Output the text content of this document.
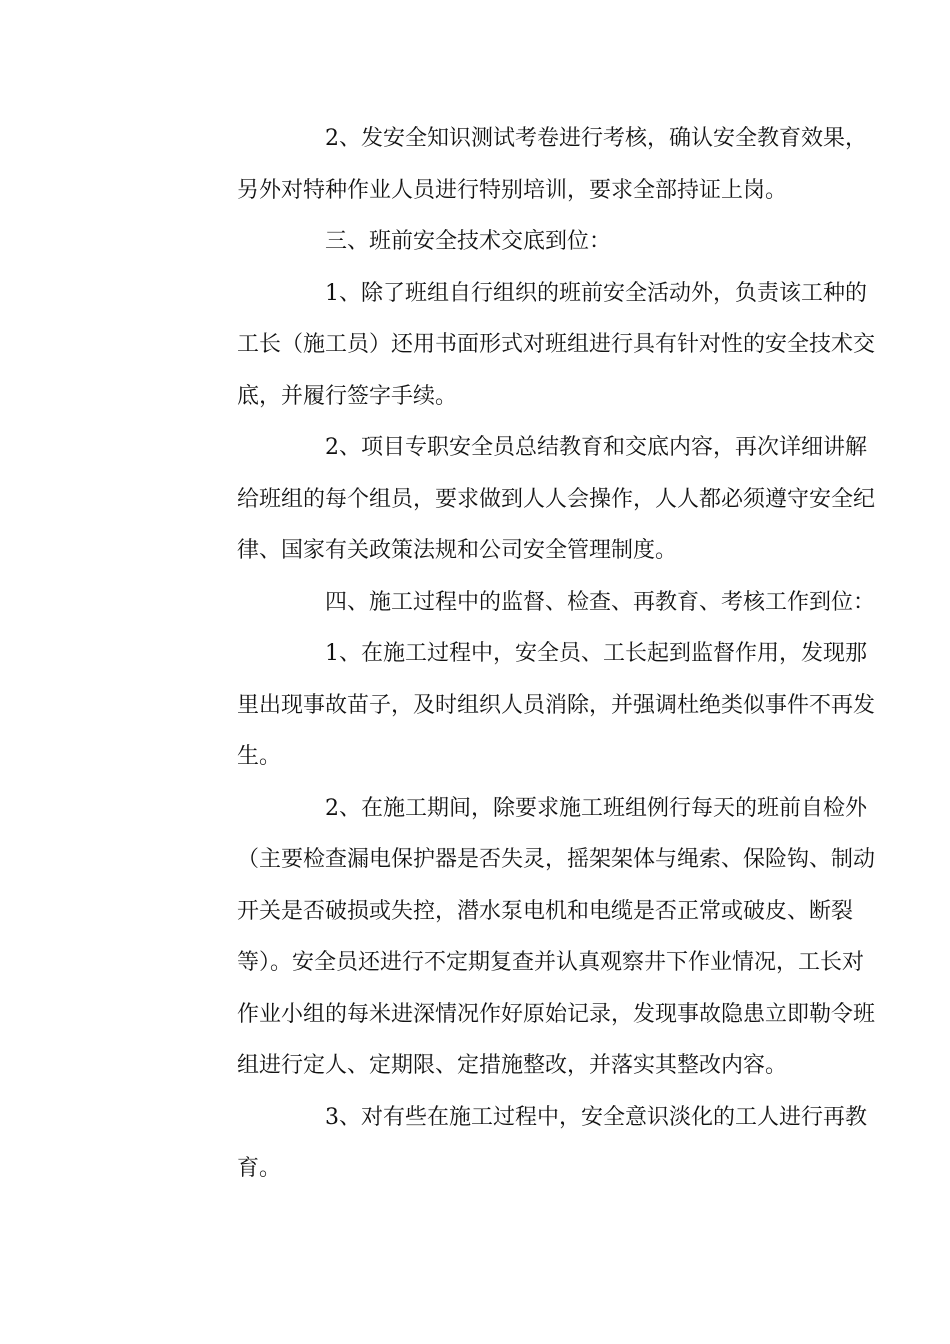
2、发安全知识测试考卷进行考核，确认安全教育效果，
另外对特种作业人员进行特别培训，要求全部持证上岗。
三、班前安全技术交底到位：
1、除了班组自行组织的班前安全活动外，负责该工种的
工长（施工员）还用书面形式对班组进行具有针对性的安全技术交
底，并履行签字手续。
2、项目专职安全员总结教育和交底内容，再次详细讲解
给班组的每个组员，要求做到人人会操作，人人都必须遵守安全纪
律、国家有关政策法规和公司安全管理制度。
四、施工过程中的监督、检查、再教育、考核工作到位：
1、在施工过程中，安全员、工长起到监督作用，发现那
里出现事故苗子，及时组织人员消除，并强调杜绝类似事件不再发
生。
2、在施工期间，除要求施工班组例行每天的班前自检外
（主要检查漏电保护器是否失灵，摇架架体与绳索、保险钩、制动
开关是否破损或失控，潜水泵电机和电缆是否正常或破皮、断裂
等）。安全员还进行不定期复查并认真观察井下作业情况，工长对
作业小组的每米进深情况作好原始记录，发现事故隐患立即勒令班
组进行定人、定期限、定措施整改，并落实其整改内容。
3、对有些在施工过程中，安全意识淡化的工人进行再教
育。
